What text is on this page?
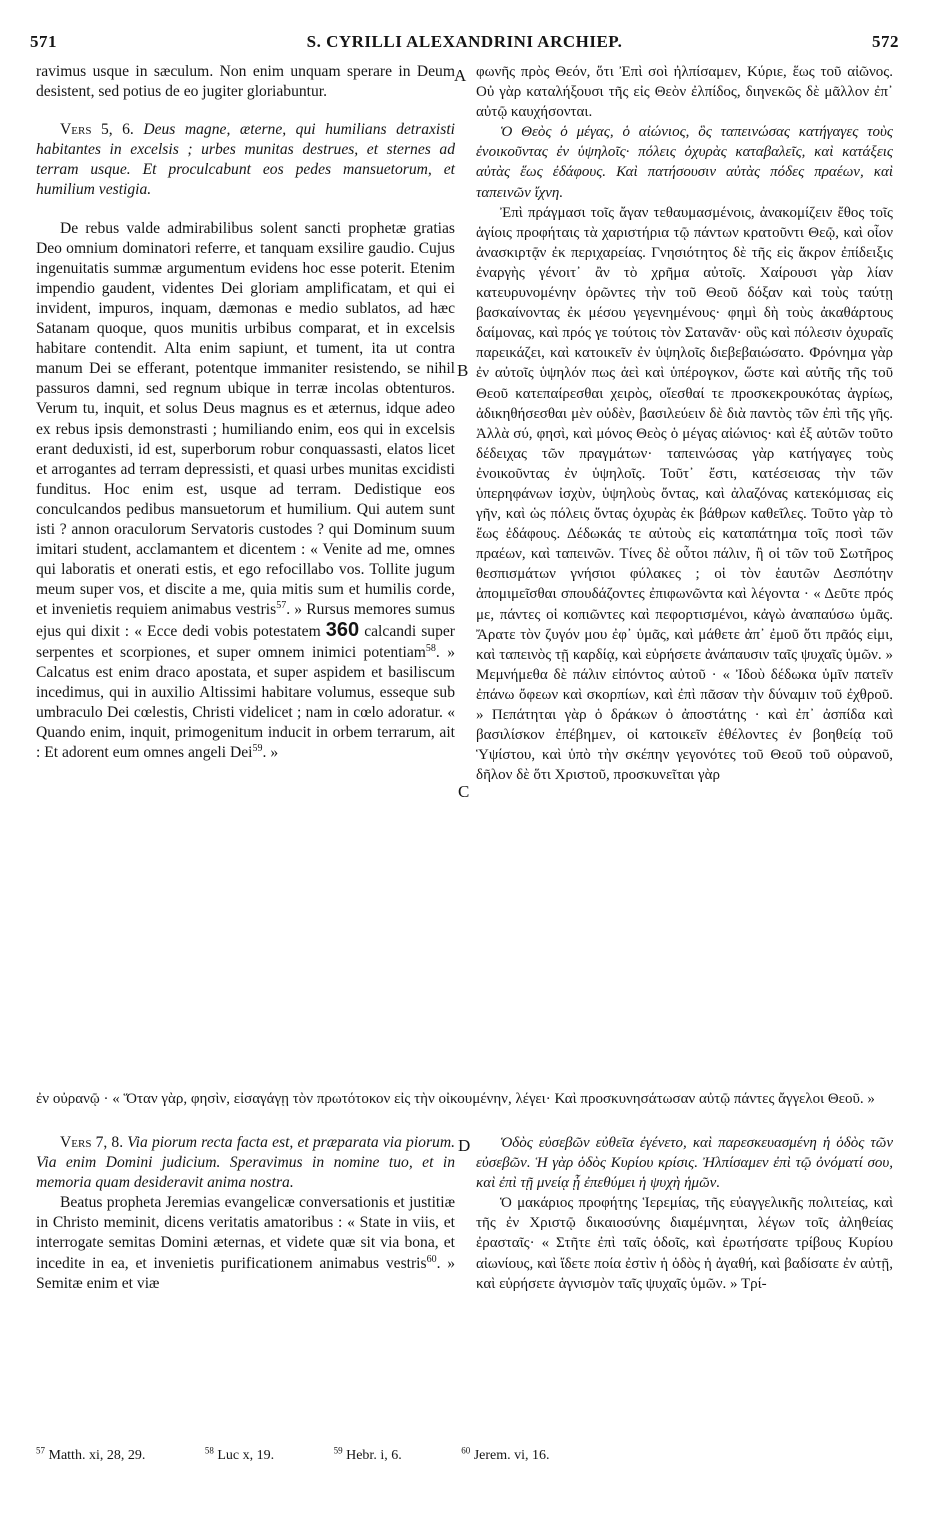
571	S. CYRILLI ALEXANDRINI ARCHIEP.	572
A
B
C
D

ravimus usque in sæculum. Non enim unquam sperare in Deum desistent, sed potius de eo jugiter gloriabuntur.

Vers 5, 6. Deus magne, æterne, qui humilians detraxisti habitantes in excelsis ; urbes munitas destrues, et sternes ad terram usque. Et proculcabunt eos pedes mansuetorum, et humilium vestigia.

De rebus valde admirabilibus solent sancti prophetæ gratias Deo omnium dominatori referre, et tanquam exsilire gaudio. Cujus ingenuitatis summæ argumentum evidens hoc esse poterit. Etenim impendio gaudent, videntes Dei gloriam amplificatam, et qui ei invident, impuros, inquam, dæmonas e medio sublatos, ad hæc Satanam quoque, quos munitis urbibus comparat, et in excelsis habitare contendit. Alta enim sapiunt, et tument, ita ut contra manum Dei se efferant, potentque immaniter resistendo, se nihil passuros damni, sed regnum ubique in terræ incolas obtenturos. Verum tu, inquit, et solus Deus magnus es et æternus, idque adeo ex rebus ipsis demonstrasti ; humiliando enim, eos qui in excelsis erant deduxisti, id est, superborum robur conquassasti, elatos licet et arrogantes ad terram depressisti, et quasi urbes munitas excidisti funditus. Hoc enim est, usque ad terram. Dedistique eos conculcandos pedibus mansuetorum et humilium. Qui autem sunt isti ? annon oraculorum Servatoris custodes ? qui Dominum suum imitari student, acclamantem et dicentem : « Venite ad me, omnes qui laboratis et onerati estis, et ego refocillabo vos. Tollite jugum meum super vos, et discite a me, quia mitis sum et humilis corde, et invenietis requiem animabus vestris$^{57}$. » Rursus memores sumus ejus qui dixit : « Ecce dedi vobis potestatem 360 calcandi super serpentes et scorpiones, et super omnem inimici potentiam$^{58}$. » Calcatus est enim draco apostata, et super aspidem et basiliscum incedimus, qui in auxilio Altissimi habitare volumus, esseque sub umbraculo Dei cœlestis, Christi videlicet ; nam in cœlo adoratur. « Quando enim, inquit, primogenitum inducit in orbem terrarum, ait : Et adorent eum omnes angeli Dei$^{59}$. »

φωνῆς πρὸς Θεόν, ὅτι Ἐπὶ σοὶ ἠλπίσαμεν, Κύριε, ἕως τοῦ αἰῶνος. Οὐ γὰρ καταλήξουσι τῆς εἰς Θεὸν ἐλπίδος, διηνεκῶς δὲ μᾶλλον ἐπ᾽ αὐτῷ καυχήσονται.

Ὁ Θεὸς ὁ μέγας, ὁ αἰώνιος, ὃς ταπεινώσας κατήγαγες τοὺς ἐνοικοῦντας ἐν ὑψηλοῖς· πόλεις ὀχυρὰς καταβαλεῖς, καὶ κατάξεις αὐτὰς ἕως ἐδάφους. Καὶ πατήσουσιν αὐτὰς πόδες πραέων, καὶ ταπεινῶν ἴχνη.

Ἐπὶ πράγμασι τοῖς ἄγαν τεθαυμασμένοις, ἀνακομίζειν ἔθος τοῖς ἁγίοις προφήταις τὰ χαριστήρια τῷ πάντων κρατοῦντι Θεῷ, καὶ οἷον ἀνασκιρτᾷν ἐκ περιχαρείας. Γνησιότητος δὲ τῆς εἰς ἄκρον ἐπίδειξις ἐναργὴς γένοιτ᾽ ἂν τὸ χρῆμα αὐτοῖς. Χαίρουσι γὰρ λίαν κατευρυνομένην ὁρῶντες τὴν τοῦ Θεοῦ δόξαν καὶ τοὺς ταύτῃ βασκαίνοντας ἐκ μέσου γεγενημένους· φημὶ δὴ τοὺς ἀκαθάρτους δαίμονας, καὶ πρός γε τούτοις τὸν Σατανᾶν· οὓς καὶ πόλεσιν ὀχυραῖς παρεικάζει, καὶ κατοικεῖν ἐν ὑψηλοῖς διεβεβαιώσατο. Φρόνημα γὰρ ἐν αὐτοῖς ὑψηλόν πως ἀεὶ καὶ ὑπέρογκον, ὥστε καὶ αὐτῆς τῆς τοῦ Θεοῦ κατεπαίρεσθαι χειρὸς, οἴεσθαί τε προσκεκρουκότας ἀγρίως, ἀδικηθήσεσθαι μὲν οὐδὲν, βασιλεύειν δὲ διὰ παντὸς τῶν ἐπὶ τῆς γῆς. Ἀλλὰ σύ, φησὶ, καὶ μόνος Θεὸς ὁ μέγας αἰώνιος· καὶ ἐξ αὐτῶν τοῦτο δέδειχας τῶν πραγμάτων· ταπεινώσας γὰρ κατήγαγες τοὺς ἐνοικοῦντας ἐν ὑψηλοῖς. Τοῦτ᾽ ἔστι, κατέσεισας τὴν τῶν ὑπερηφάνων ἰσχὺν, ὑψηλοὺς ὄντας, καὶ ἀλαζόνας κατεκόμισας εἰς γῆν, καὶ ὡς πόλεις ὄντας ὀχυρὰς ἐκ βάθρων καθεῖλες. Τοῦτο γὰρ τὸ ἕως ἐδάφους. Δέδωκάς τε αὐτοὺς εἰς καταπάτημα τοῖς ποσὶ τῶν πραέων, καὶ ταπεινῶν. Τίνες δὲ οὗτοι πάλιν, ἢ οἱ τῶν τοῦ Σωτῆρος θεσπισμάτων γνήσιοι φύλακες ; οἱ τὸν ἑαυτῶν Δεσπότην ἀπομιμεῖσθαι σπουδάζοντες ἐπιφωνῶντα καὶ λέγοντα · « Δεῦτε πρός με, πάντες οἱ κοπιῶντες καὶ πεφορτισμένοι, κἀγὼ ἀναπαύσω ὑμᾶς. Ἄρατε τὸν ζυγόν μου ἐφ᾽ ὑμᾶς, καὶ μάθετε ἀπ᾽ ἐμοῦ ὅτι πρᾶός εἰμι, καὶ ταπεινὸς τῇ καρδίᾳ, καὶ εὑρήσετε ἀνάπαυσιν ταῖς ψυχαῖς ὑμῶν. » Μεμνήμεθα δὲ πάλιν εἰπόντος αὐτοῦ · « Ἰδοὺ δέδωκα ὑμῖν πατεῖν ἐπάνω ὄφεων καὶ σκορπίων, καὶ ἐπὶ πᾶσαν τὴν δύναμιν τοῦ ἐχθροῦ. » Πεπάτηται γὰρ ὁ δράκων ὁ ἀποστάτης · καὶ ἐπ᾽ ἀσπίδα καὶ βασιλίσκον ἐπέβημεν, οἱ κατοικεῖν ἐθέλοντες ἐν βοηθείᾳ τοῦ Ὑψίστου, καὶ ὑπὸ τὴν σκέπην γεγονότες τοῦ Θεοῦ τοῦ οὐρανοῦ, δῆλον δὲ ὅτι Χριστοῦ, προσκυνεῖται γὰρ

ἐν οὐρανῷ · « Ὅταν γὰρ, φησὶν, εἰσαγάγῃ τὸν πρωτότοκον εἰς τὴν οἰκουμένην, λέγει· Καὶ προσκυνησάτωσαν αὐτῷ πάντες ἄγγελοι Θεοῦ. »

Vers 7, 8. Via piorum recta facta est, et præparata via piorum. Via enim Domini judicium. Speravimus in nomine tuo, et in memoria quam desideravit anima nostra.

Beatus propheta Jeremias evangelicæ conversationis et justitiæ in Christo meminit, dicens veritatis amatoribus : « State in viis, et interrogate semitas Domini æternas, et videte quæ sit via bona, et incedite in ea, et invenietis purificationem animabus vestris$^{60}$. » Semitæ enim et viæ

Ὁδὸς εὐσεβῶν εὐθεῖα ἐγένετο, καὶ παρεσκευασμένη ἡ ὁδὸς τῶν εὐσεβῶν. Ἡ γὰρ ὁδὸς Κυρίου κρίσις. Ἠλπίσαμεν ἐπὶ τῷ ὀνόματί σου, καὶ ἐπὶ τῇ μνείᾳ ᾗ ἐπεθύμει ἡ ψυχὴ ἡμῶν.

Ὁ μακάριος προφήτης Ἱερεμίας, τῆς εὐαγγελικῆς πολιτείας, καὶ τῆς ἐν Χριστῷ δικαιοσύνης διαμέμνηται, λέγων τοῖς ἀληθείας ἐρασταῖς· « Στῆτε ἐπὶ ταῖς ὁδοῖς, καὶ ἐρωτήσατε τρίβους Κυρίου αἰωνίους, καὶ ἴδετε ποία ἐστὶν ἡ ὁδὸς ἡ ἀγαθή, καὶ βαδίσατε ἐν αὐτῇ, καὶ εὑρήσετε ἁγνισμὸν ταῖς ψυχαῖς ὑμῶν. » Τρί-

$^{57}$ Matth. xi, 28, 29.	$^{58}$ Luc x, 19.	$^{59}$ Hebr. i, 6.	$^{60}$ Jerem. vi, 16.
